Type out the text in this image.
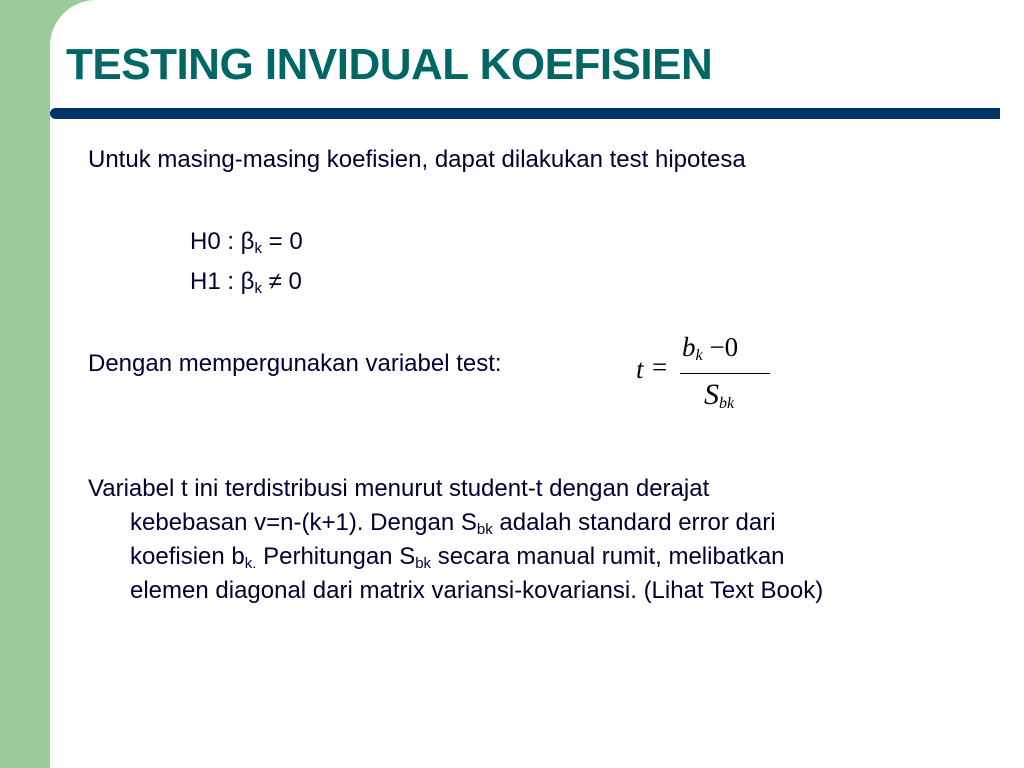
TESTING INVIDUAL KOEFISIEN
Untuk masing-masing koefisien, dapat dilakukan test hipotesa
H0 : $\beta_k = 0$
H1 : $\beta_k \ne 0$
Dengan mempergunakan variabel test:	t =
$b_k -0$
$S_{bk}$
Variabel t ini terdistribusi menurut student-t dengan derajat
kebebasan v=n-(k+1). Dengan $S_{bk}$ adalah standard error dari
koefisien $b_{k.}$ Perhitungan $S_{bk}$ secara manual rumit, melibatkan
elemen diagonal dari matrix variansi-kovariansi. (Lihat Text Book)
